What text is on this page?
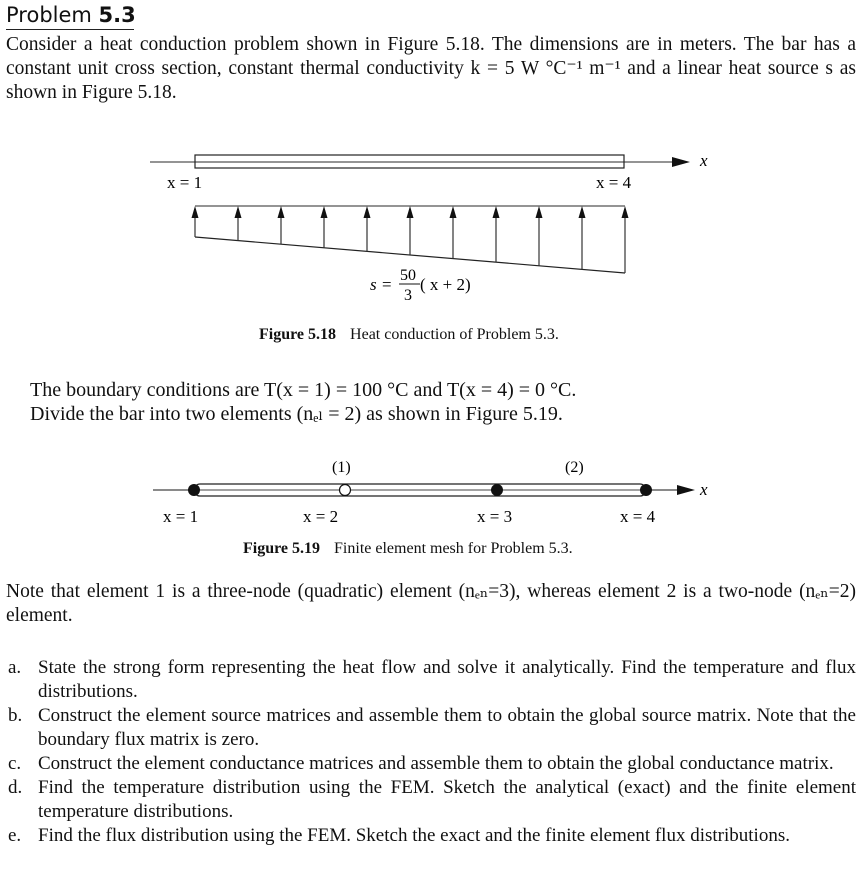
Problem 5.3
Consider a heat conduction problem shown in Figure 5.18. The dimensions are in meters. The bar has a constant unit cross section, constant thermal conductivity k = 5 W °C⁻¹ m⁻¹ and a linear heat source s as shown in Figure 5.18.
x
x = 1	x = 4
s = 50
3
( x + 2)
Figure 5.18 Heat conduction of Problem 5.3.
The boundary conditions are T(x = 1) = 100 °C and T(x = 4) = 0 °C.
Divide the bar into two elements (nₑₗ = 2) as shown in Figure 5.19.
(1)	(2)
x
x = 1	x = 2	x = 3	x = 4
Figure 5.19 Finite element mesh for Problem 5.3.
Note that element 1 is a three-node (quadratic) element (nₑₙ=3), whereas element 2 is a two-node (nₑₙ=2) element.
a. State the strong form representing the heat flow and solve it analytically. Find the temperature and flux distributions.
b. Construct the element source matrices and assemble them to obtain the global source matrix. Note that the boundary flux matrix is zero.
c. Construct the element conductance matrices and assemble them to obtain the global conductance matrix.
d. Find the temperature distribution using the FEM. Sketch the analytical (exact) and the finite element temperature distributions.
e. Find the flux distribution using the FEM. Sketch the exact and the finite element flux distributions.
